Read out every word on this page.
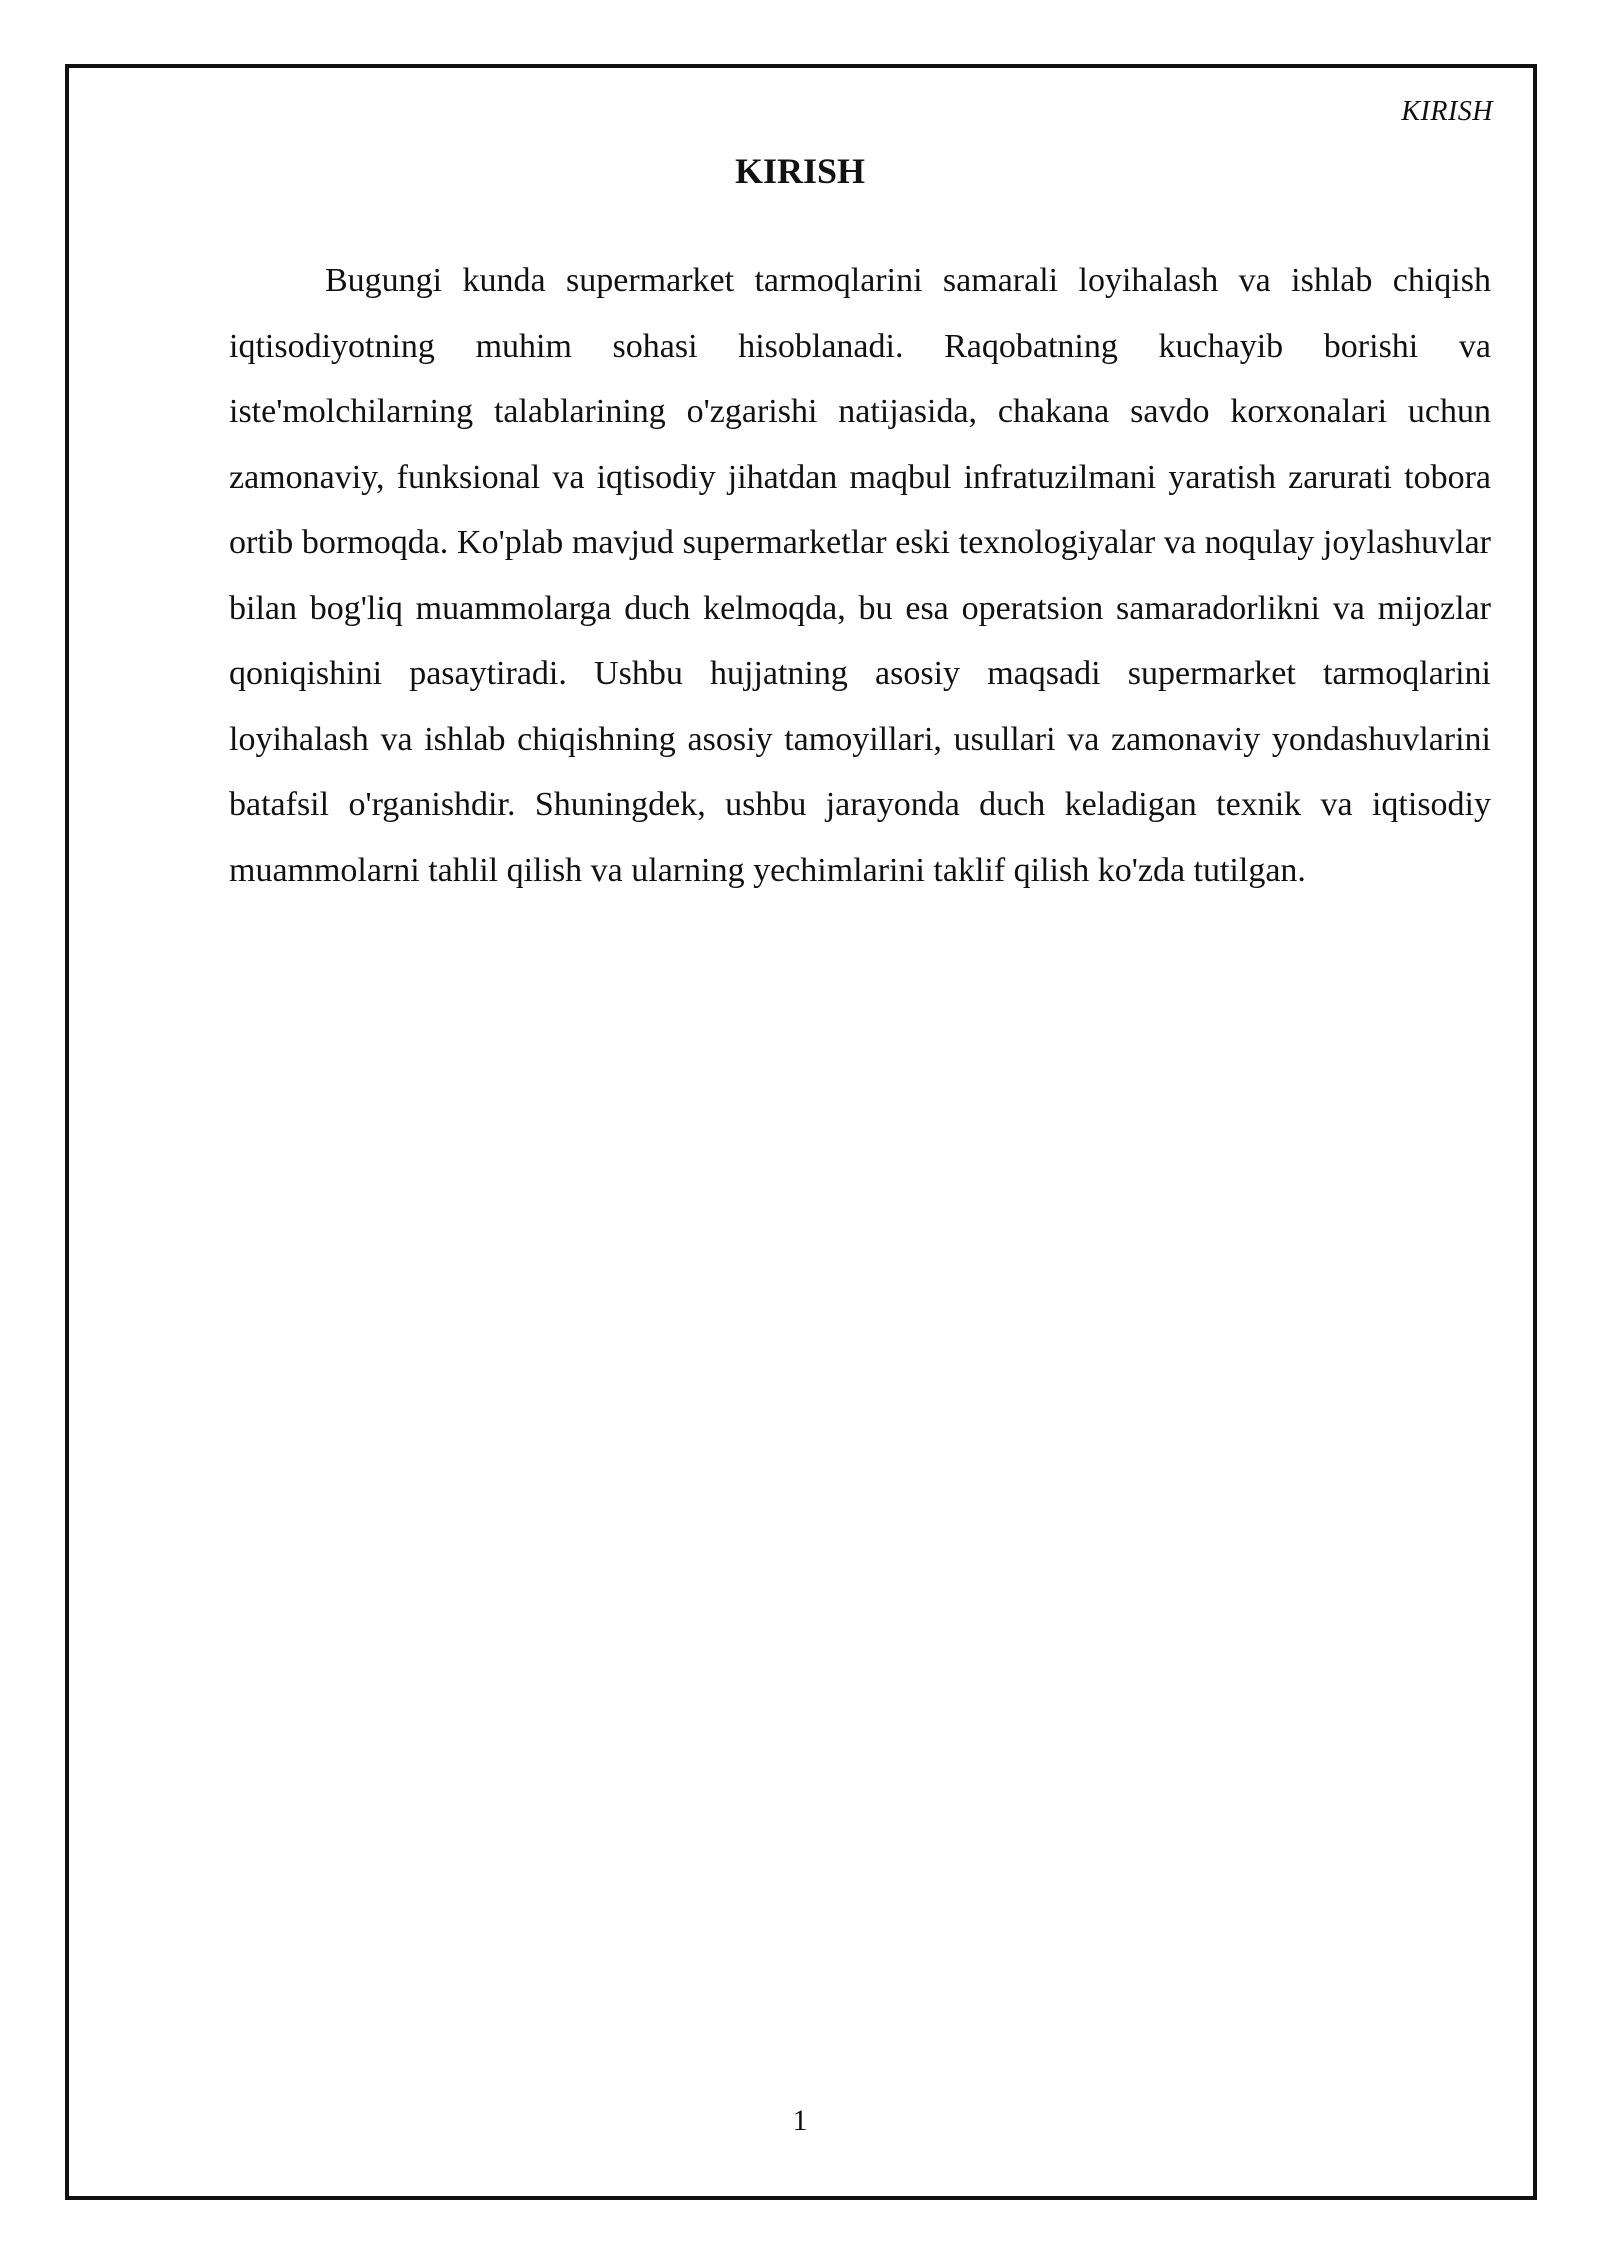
KIRISH
KIRISH

Bugungi kunda supermarket tarmoqlarini samarali loyihalash va ishlab chiqish iqtisodiyotning muhim sohasi hisoblanadi. Raqobatning kuchayib borishi va iste'molchilarning talablarining o'zgarishi natijasida, chakana savdo korxonalari uchun zamonaviy, funksional va iqtisodiy jihatdan maqbul infratuzilmani yaratish zarurati tobora ortib bormoqda. Ko'plab mavjud supermarketlar eski texnologiyalar va noqulay joylashuvlar bilan bog'liq muammolarga duch kelmoqda, bu esa operatsion samaradorlikni va mijozlar qoniqishini pasaytiradi. Ushbu hujjatning asosiy maqsadi supermarket tarmoqlarini loyihalash va ishlab chiqishning asosiy tamoyillari, usullari va zamonaviy yondashuvlarini batafsil o'rganishdir. Shuningdek, ushbu jarayonda duch keladigan texnik va iqtisodiy muammolarni tahlil qilish va ularning yechimlarini taklif qilish ko'zda tutilgan.

1
